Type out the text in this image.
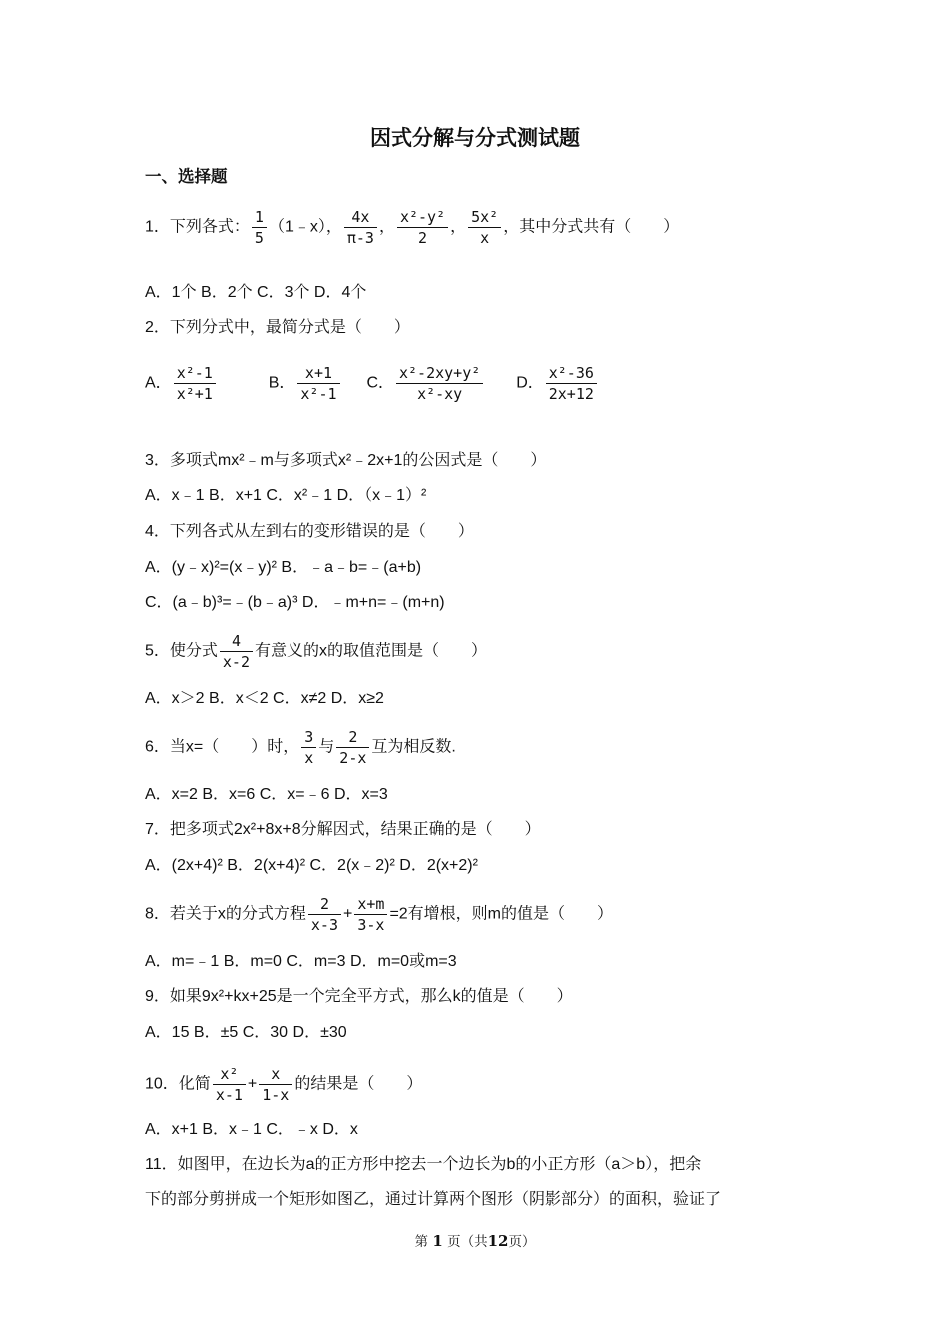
因式分解与分式测试题
一、选择题
1．下列各式： $\frac{1}{5}$ （1﹣x）， $\frac{4x}{\pi-3}$ ， $\frac{\text{x²-y²}}{2}$ ， $\frac{\text{5x²}}{x}$ ，其中分式共有（　　）
A．1个 B．2个 C．3个 D．4个
2．下列分式中，最简分式是（　　）
A． $\frac{\text{x²-1}}{\text{x²+1}}$	B． $\frac{x+1}{\text{x²-1}}$ C． $\frac{\text{x²-2xy+y²}}{\text{x²-xy}}$ D． $\frac{\text{x²-36}}{2x+12}$
3．多项式mx²﹣m与多项式x²﹣2x+1的公因式是（　　）
A．x﹣1 B．x+1 C．x²﹣1 D．（x﹣1）²
4．下列各式从左到右的变形错误的是（　　）
A．(y﹣x)²=(x﹣y)² B．﹣a﹣b=﹣(a+b)
C．(a﹣b)³=﹣(b﹣a)³ D．﹣m+n=﹣(m+n)
5．使分式 $\frac{4}{x-2}$ 有意义的x的取值范围是（　　）
A．x＞2 B．x＜2 C．x≠2 D．x≥2
6．当x=（　　）时， $\frac{3}{x}$ 与 $\frac{2}{2-x}$ 互为相反数.
A．x=2 B．x=6 C．x=﹣6 D．x=3
7．把多项式2x²+8x+8分解因式，结果正确的是（　　）
A．(2x+4)² B．2(x+4)² C．2(x﹣2)² D．2(x+2)²
8．若关于x的分式方程 $\frac{2}{x-3} + \frac{x+m}{3-x} =2$有增根，则m的值是（　　）
A．m=﹣1 B．m=0 C．m=3 D．m=0或m=3
9．如果9x²+kx+25是一个完全平方式，那么k的值是（　　）
A．15 B．±5 C．30 D．±30
10．化简 $\frac{\text{x²}}{x-1} + \frac{x}{1-x}$ 的结果是（　　）
A．x+1 B．x﹣1 C．﹣x D．x
11．如图甲，在边长为a的正方形中挖去一个边长为b的小正方形（a＞b），把余
下的部分剪拼成一个矩形如图乙，通过计算两个图形（阴影部分）的面积，验证了
第 1 页（共12页）
